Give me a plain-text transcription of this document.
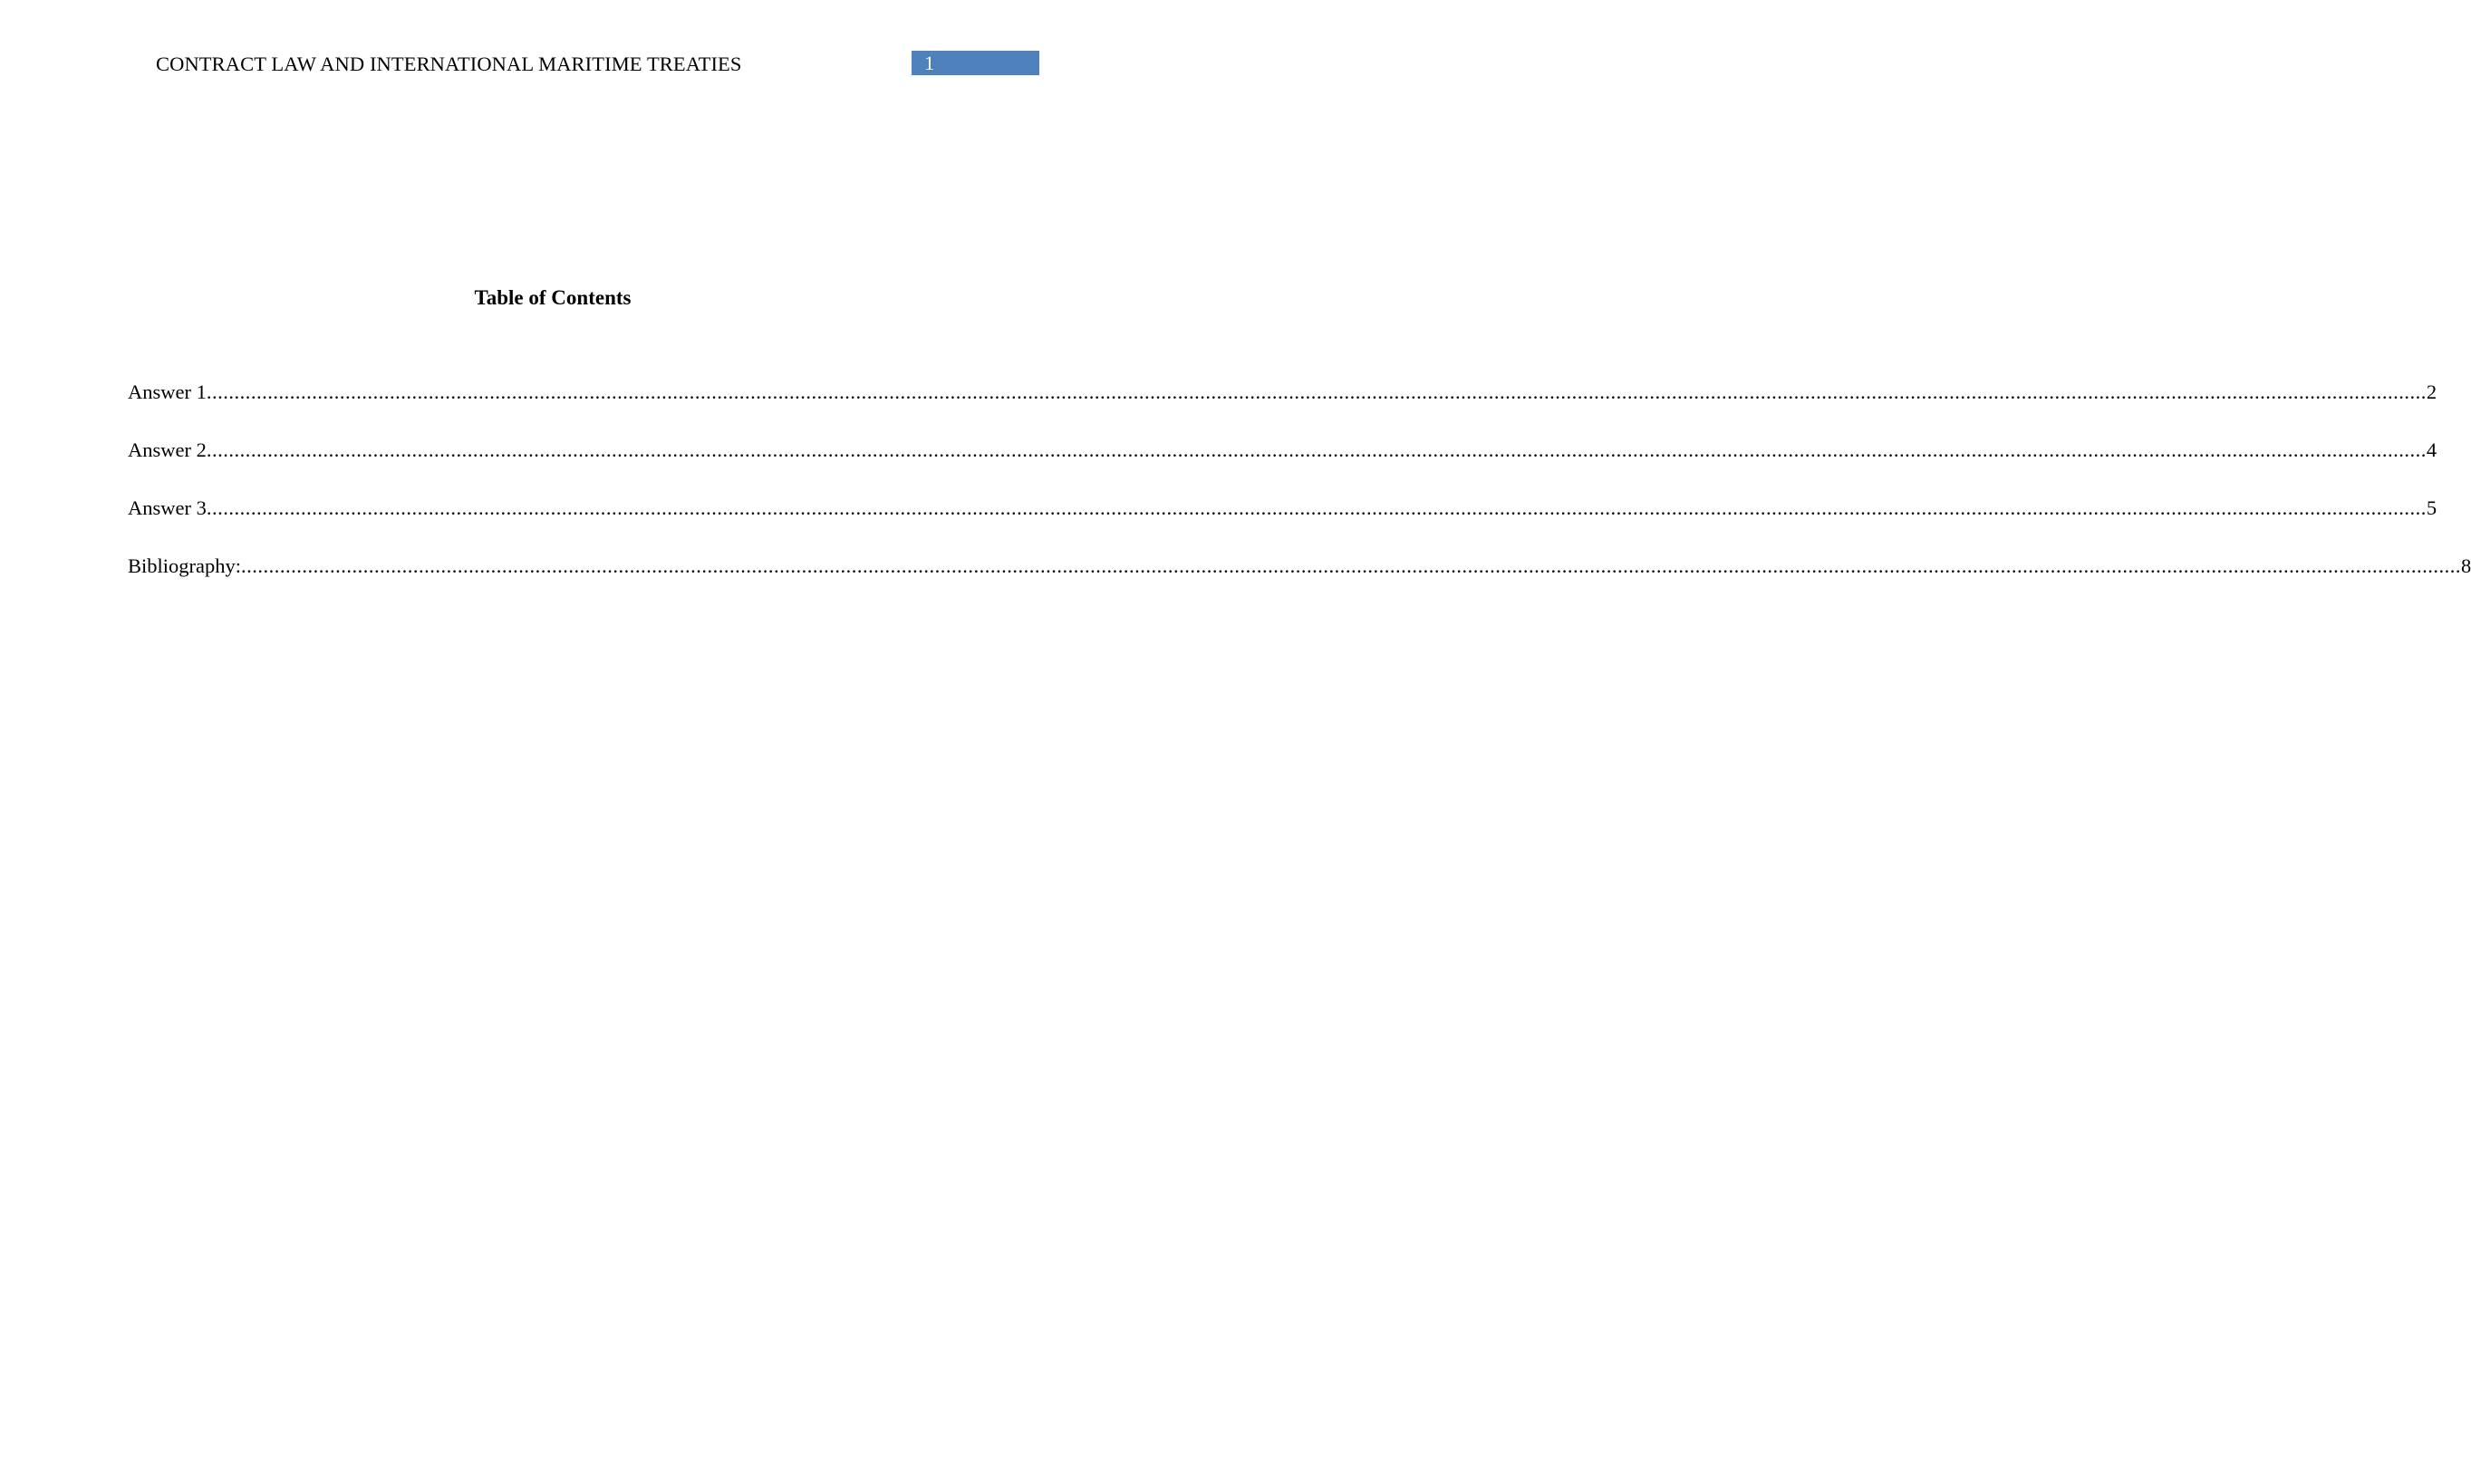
CONTRACT LAW AND INTERNATIONAL MARITIME TREATIES	1
Table of Contents
Answer 1 ................................................................................................................................................................................................................................................................................................................................................................................................................ 2
Answer 2 ................................................................................................................................................................................................................................................................................................................................................................................................................ 4
Answer 3 ................................................................................................................................................................................................................................................................................................................................................................................................................ 5
Bibliography: ................................................................................................................................................................................................................................................................................................................................................................................................................ 8
